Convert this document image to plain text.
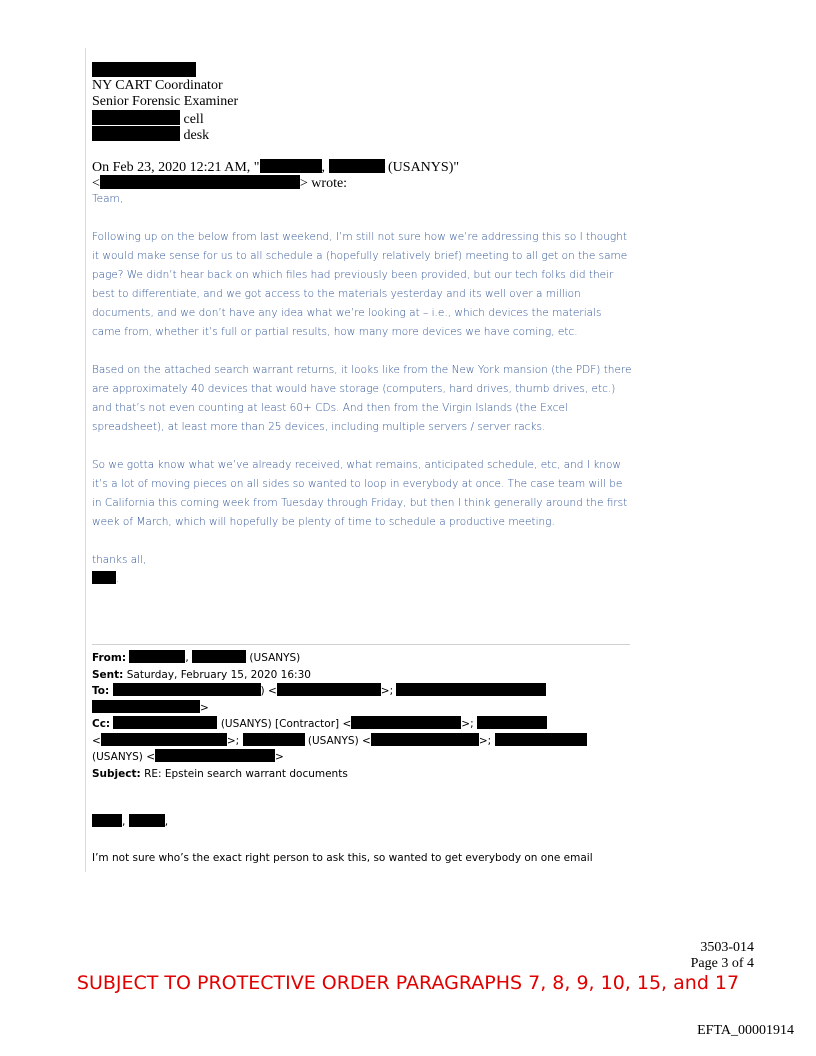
NY CART Coordinator
Senior Forensic Examiner
cell
desk
On Feb 23, 2020 12:21 AM, "	,	(USANYS)"
<	> wrote:

Team,

Following up on the below from last weekend, I’m still not sure how we’re addressing this so I thought it would make sense for us to all schedule a (hopefully relatively brief) meeting to all get on the same page? We didn’t hear back on which files had previously been provided, but our tech folks did their best to differentiate, and we got access to the materials yesterday and its well over a million documents, and we don’t have any idea what we’re looking at – i.e., which devices the materials came from, whether it’s full or partial results, how many more devices we have coming, etc.

Based on the attached search warrant returns, it looks like from the New York mansion (the PDF) there are approximately 40 devices that would have storage (computers, hard drives, thumb drives, etc.) and that’s not even counting at least 60+ CDs. And then from the Virgin Islands (the Excel spreadsheet), at least more than 25 devices, including multiple servers / server racks.

So we gotta know what we’ve already received, what remains, anticipated schedule, etc, and I know it’s a lot of moving pieces on all sides so wanted to loop in everybody at once. The case team will be in California this coming week from Tuesday through Friday, but then I think generally around the first week of March, which will hopefully be plenty of time to schedule a productive meeting.

thanks all,
.
From:	,	(USANYS)
Sent: Saturday, February 15, 2020 16:30
To:	) <	>;
>
Cc:	(USANYS) [Contractor] <	>;
<	>;	(USANYS) <	>;
(USANYS) <	>
Subject: RE: Epstein search warrant documents

,	,

I’m not sure who’s the exact right person to ask this, so wanted to get everybody on one email

3503-014
Page 3 of 4
SUBJECT TO PROTECTIVE ORDER PARAGRAPHS 7, 8, 9, 10, 15, and 17
EFTA_00001914
